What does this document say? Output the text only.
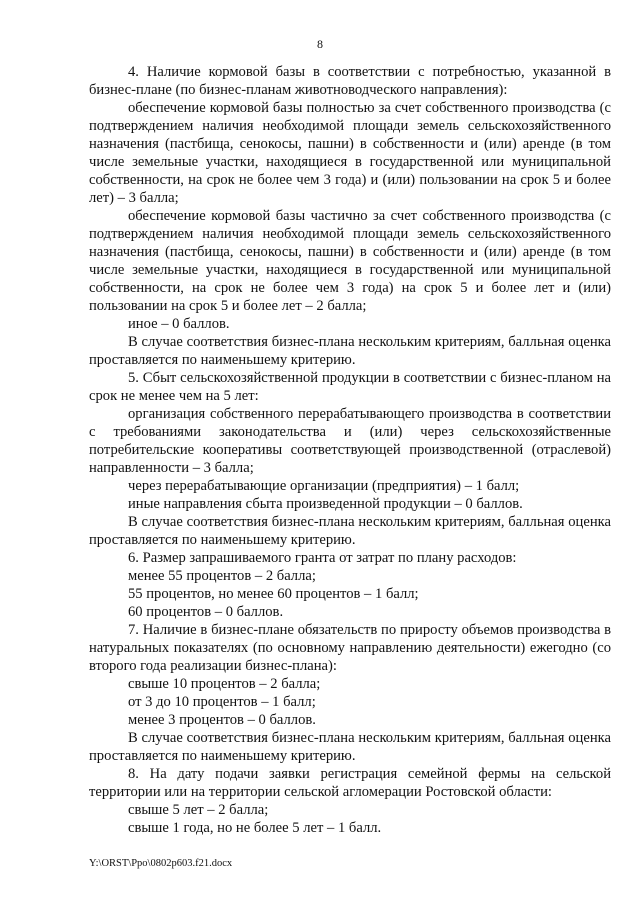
8

4. Наличие кормовой базы в соответствии с потребностью, указанной в бизнес-плане (по бизнес-планам животноводческого направления):

обеспечение кормовой базы полностью за счет собственного производства (с подтверждением наличия необходимой площади земель сельскохозяйственного назначения (пастбища, сенокосы, пашни) в собственности и (или) аренде (в том числе земельные участки, находящиеся в государственной или муниципальной собственности, на срок не более чем 3 года) и (или) пользовании на срок 5 и более лет) – 3 балла;

обеспечение кормовой базы частично за счет собственного производства (с подтверждением наличия необходимой площади земель сельскохозяйственного назначения (пастбища, сенокосы, пашни) в собственности и (или) аренде (в том числе земельные участки, находящиеся в государственной или муниципальной собственности, на срок не более чем 3 года) на срок 5 и более лет и (или) пользовании на срок 5 и более лет – 2 балла;

иное – 0 баллов.

В случае соответствия бизнес-плана нескольким критериям, балльная оценка проставляется по наименьшему критерию.

5. Сбыт сельскохозяйственной продукции в соответствии с бизнес-планом на срок не менее чем на 5 лет:

организация собственного перерабатывающего производства в соответствии с требованиями законодательства и (или) через сельскохозяйственные потребительские кооперативы соответствующей производственной (отраслевой) направленности – 3 балла;

через перерабатывающие организации (предприятия) – 1 балл;

иные направления сбыта произведенной продукции – 0 баллов.

В случае соответствия бизнес-плана нескольким критериям, балльная оценка проставляется по наименьшему критерию.

6. Размер запрашиваемого гранта от затрат по плану расходов:

менее 55 процентов – 2 балла;

55 процентов, но менее 60 процентов – 1 балл;

60 процентов – 0 баллов.

7. Наличие в бизнес-плане обязательств по приросту объемов производства в натуральных показателях (по основному направлению деятельности) ежегодно (со второго года реализации бизнес-плана):

свыше 10 процентов – 2 балла;

от 3 до 10 процентов – 1 балл;

менее 3 процентов – 0 баллов.

В случае соответствия бизнес-плана нескольким критериям, балльная оценка проставляется по наименьшему критерию.

8. На дату подачи заявки регистрация семейной фермы на сельской территории или на территории сельской агломерации Ростовской области:

свыше 5 лет – 2 балла;

свыше 1 года, но не более 5 лет – 1 балл.

Y:\ORST\Ppo\0802p603.f21.docx
